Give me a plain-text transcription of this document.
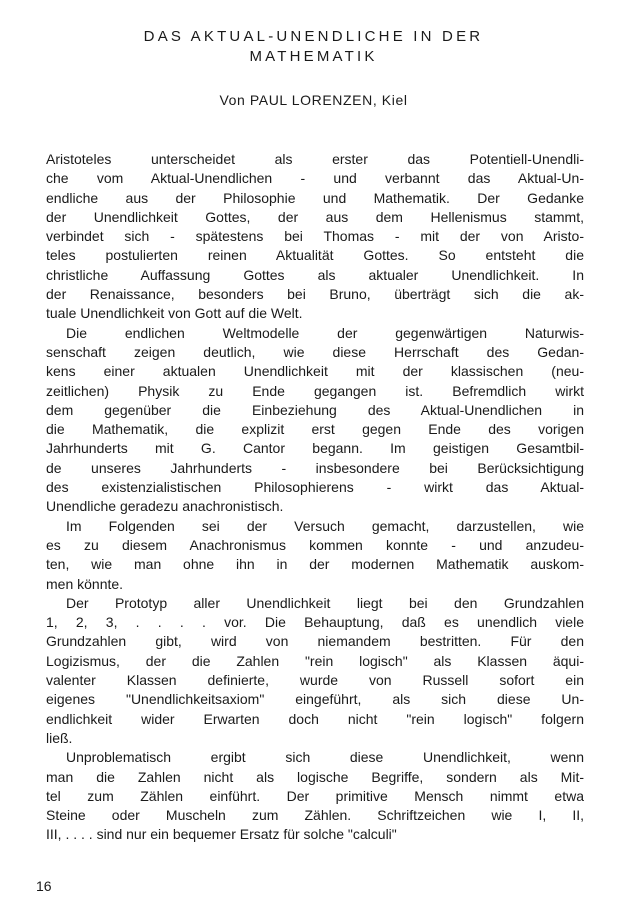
DAS AKTUAL-UNENDLICHE IN DER
MATHEMATIK
Von PAUL LORENZEN, Kiel
Aristoteles unterscheidet als erster das Potentiell-Unendli-
che vom Aktual-Unendlichen - und verbannt das Aktual-Un-
endliche aus der Philosophie und Mathematik. Der Gedanke
der Unendlichkeit Gottes, der aus dem Hellenismus stammt,
verbindet sich - spätestens bei Thomas - mit der von Aristo-
teles postulierten reinen Aktualität Gottes. So entsteht die
christliche Auffassung Gottes als aktualer Unendlichkeit. In
der Renaissance, besonders bei Bruno, überträgt sich die ak-
tuale Unendlichkeit von Gott auf die Welt.
Die endlichen Weltmodelle der gegenwärtigen Naturwis-
senschaft zeigen deutlich, wie diese Herrschaft des Gedan-
kens einer aktualen Unendlichkeit mit der klassischen (neu-
zeitlichen) Physik zu Ende gegangen ist. Befremdlich wirkt
dem gegenüber die Einbeziehung des Aktual-Unendlichen in
die Mathematik, die explizit erst gegen Ende des vorigen
Jahrhunderts mit G. Cantor begann. Im geistigen Gesamtbil-
de unseres Jahrhunderts - insbesondere bei Berücksichtigung
des existenzialistischen Philosophierens - wirkt das Aktual-
Unendliche geradezu anachronistisch.
Im Folgenden sei der Versuch gemacht, darzustellen, wie
es zu diesem Anachronismus kommen konnte - und anzudeu-
ten, wie man ohne ihn in der modernen Mathematik auskom-
men könnte.
Der Prototyp aller Unendlichkeit liegt bei den Grundzahlen
1, 2, 3, . . . . vor. Die Behauptung, daß es unendlich viele
Grundzahlen gibt, wird von niemandem bestritten. Für den
Logizismus, der die Zahlen "rein logisch" als Klassen äqui-
valenter Klassen definierte, wurde von Russell sofort ein
eigenes "Unendlichkeitsaxiom" eingeführt, als sich diese Un-
endlichkeit wider Erwarten doch nicht "rein logisch" folgern
ließ.
Unproblematisch ergibt sich diese Unendlichkeit, wenn
man die Zahlen nicht als logische Begriffe, sondern als Mit-
tel zum Zählen einführt. Der primitive Mensch nimmt etwa
Steine oder Muscheln zum Zählen. Schriftzeichen wie I, II,
III, . . . . sind nur ein bequemer Ersatz für solche "calculi"
16
